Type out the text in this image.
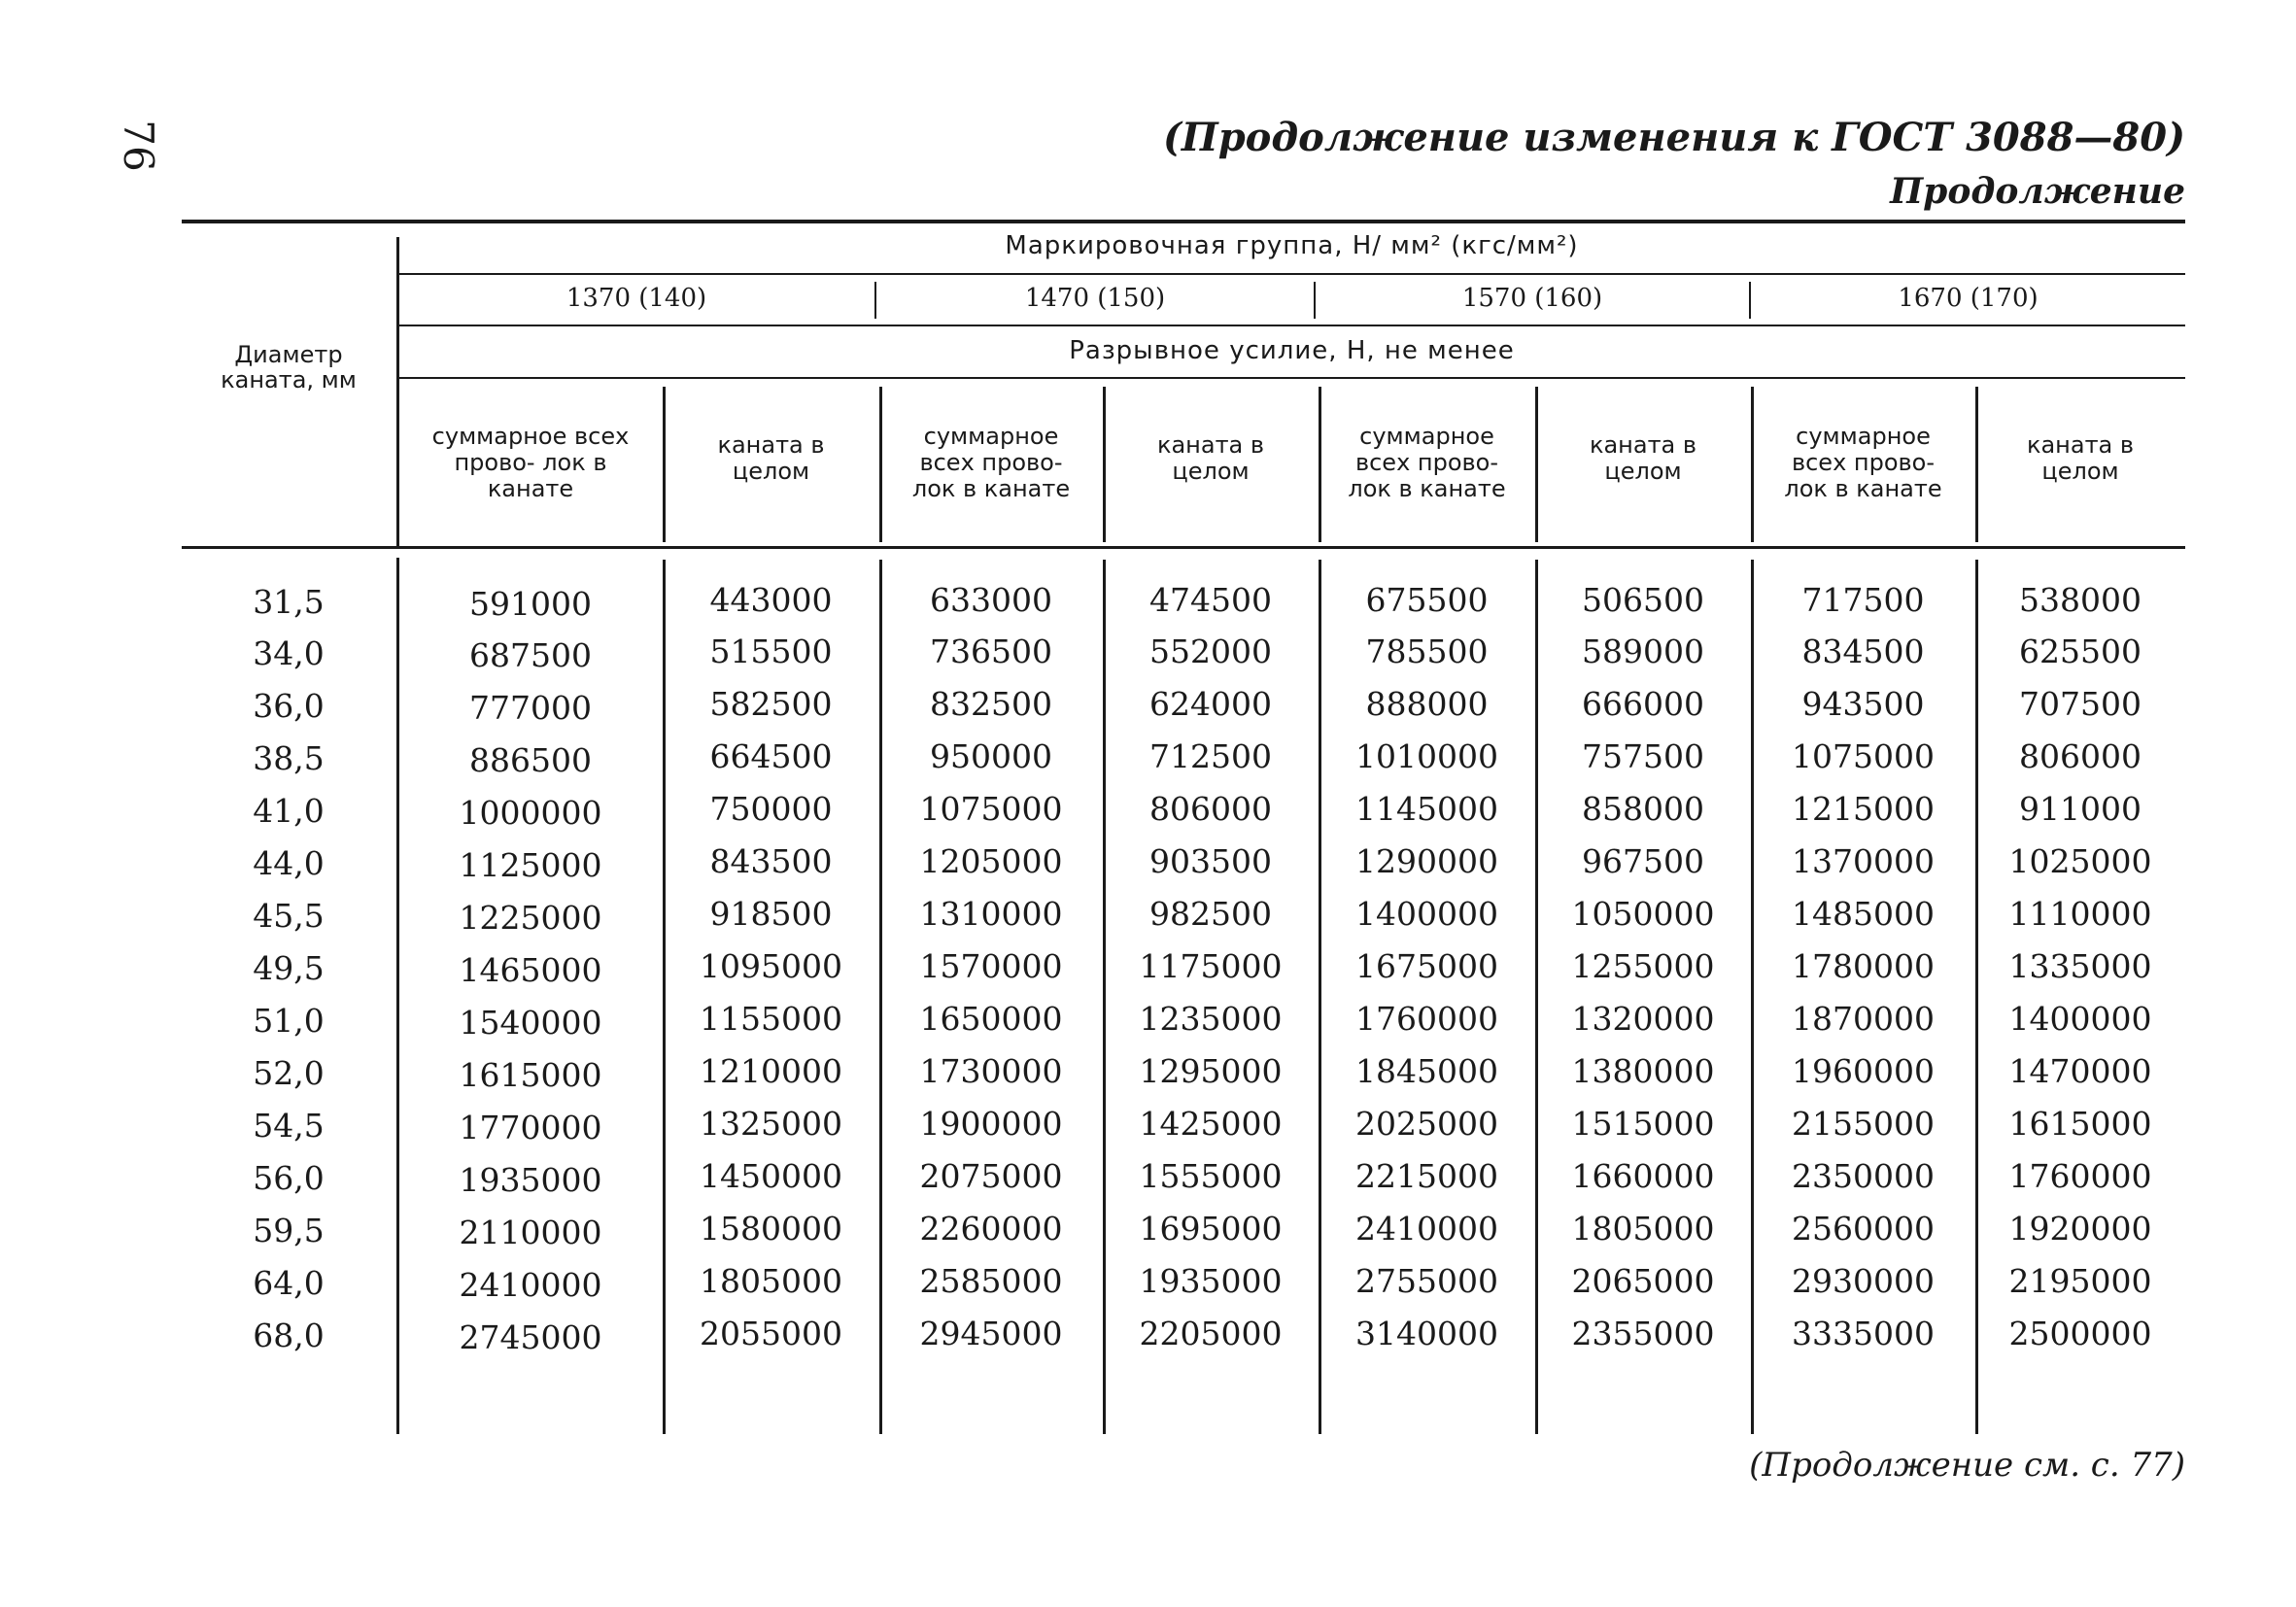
76	(Продолжение изменения к ГОСТ 3088—80)
Продолжение
(Продолжение см. с. 77)
Диаметр каната, мм
Маркировочная группа, Н/ мм² (кгс/мм²)
1370 (140)	1470 (150)	1570 (160)	1670 (170)
Разрывное усилие, Н, не менее
суммарное всех прово- лок в канате
каната в целом
суммарное всех прово- лок в канате
каната в целом
суммарное всех прово- лок в канате
каната в целом
суммарное всех прово- лок в канате
каната в целом
31,5	591000	443000	633000	474500	675500	506500	717500	538000
34,0	687500	515500	736500	552000	785500	589000	834500	625500
36,0	777000	582500	832500	624000	888000	666000	943500	707500
38,5	886500	664500	950000	712500	1010000	757500	1075000	806000
41,0	1000000	750000	1075000	806000	1145000	858000	1215000	911000
44,0	1125000	843500	1205000	903500	1290000	967500	1370000	1025000
45,5	1225000	918500	1310000	982500	1400000	1050000	1485000	1110000
49,5	1465000	1095000	1570000	1175000	1675000	1255000	1780000	1335000
51,0	1540000	1155000	1650000	1235000	1760000	1320000	1870000	1400000
52,0	1615000	1210000	1730000	1295000	1845000	1380000	1960000	1470000
54,5	1770000	1325000	1900000	1425000	2025000	1515000	2155000	1615000
56,0	1935000	1450000	2075000	1555000	2215000	1660000	2350000	1760000
59,5	2110000	1580000	2260000	1695000	2410000	1805000	2560000	1920000
64,0	2410000	1805000	2585000	1935000	2755000	2065000	2930000	2195000
68,0	2745000	2055000	2945000	2205000	3140000	2355000	3335000	2500000
